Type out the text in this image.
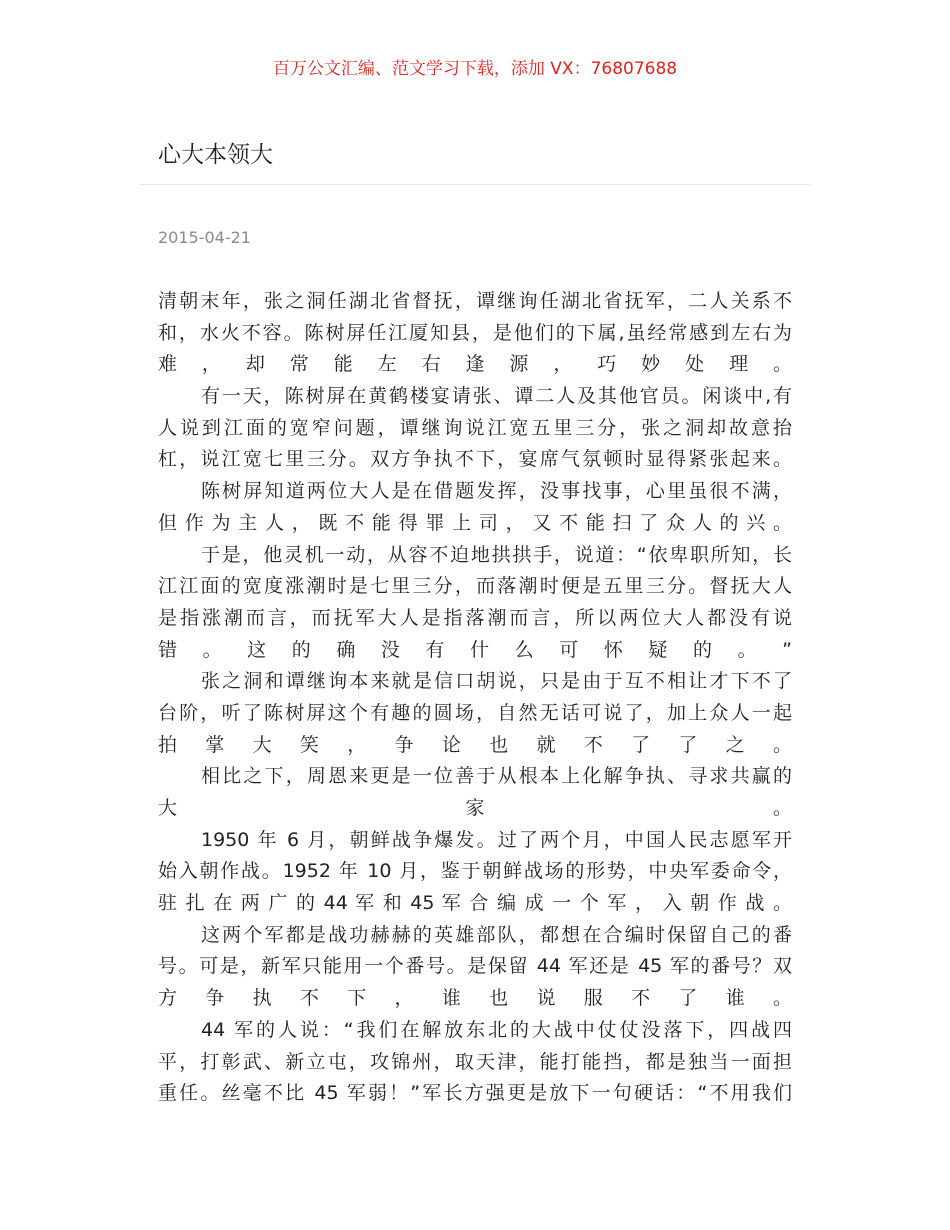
百万公文汇编、范文学习下载，添加 VX：76807688
心大本领大
2015-04-21
清朝末年，张之洞任湖北省督抚，谭继询任湖北省抚军，二人关系不
和，水火不容。陈树屏任江厦知县，是他们的下属,虽经常感到左右为
难 ， 却 常 能 左 右 逢 源 ， 巧 妙 处 理 。
有一天，陈树屏在黄鹤楼宴请张、谭二人及其他官员。闲谈中,有
人说到江面的宽窄问题，谭继询说江宽五里三分，张之洞却故意抬
杠，说江宽七里三分。双方争执不下，宴席气氛顿时显得紧张起来。
陈树屏知道两位大人是在借题发挥，没事找事，心里虽很不满，
但作为主人，既不能得罪上司，又不能扫了众人的兴。
于是，他灵机一动，从容不迫地拱拱手，说道：“依卑职所知，长
江江面的宽度涨潮时是七里三分，而落潮时便是五里三分。督抚大人
是指涨潮而言，而抚军大人是指落潮而言，所以两位大人都没有说
错 。 这 的 确 没 有 什 么 可 怀 疑 的 。 ”
张之洞和谭继询本来就是信口胡说，只是由于互不相让才下不了
台阶，听了陈树屏这个有趣的圆场，自然无话可说了，加上众人一起
拍 掌 大 笑 ， 争 论 也 就 不 了 了 之 。
相比之下，周恩来更是一位善于从根本上化解争执、寻求共赢的
大 家 。
1950 年 6 月，朝鲜战争爆发。过了两个月，中国人民志愿军开
始入朝作战。1952 年 10 月，鉴于朝鲜战场的形势，中央军委命令，
驻 扎 在 两 广 的 44 军 和 45 军 合 编 成 一 个 军 ， 入 朝 作 战 。
这两个军都是战功赫赫的英雄部队，都想在合编时保留自己的番
号。可是，新军只能用一个番号。是保留 44 军还是 45 军的番号？双
方 争 执 不 下 ， 谁 也 说 服 不 了 谁 。
44 军的人说：“我们在解放东北的大战中仗仗没落下，四战四
平，打彰武、新立屯，攻锦州，取天津，能打能挡，都是独当一面担
重任。丝毫不比 45 军弱！”军长方强更是放下一句硬话：“不用我们
